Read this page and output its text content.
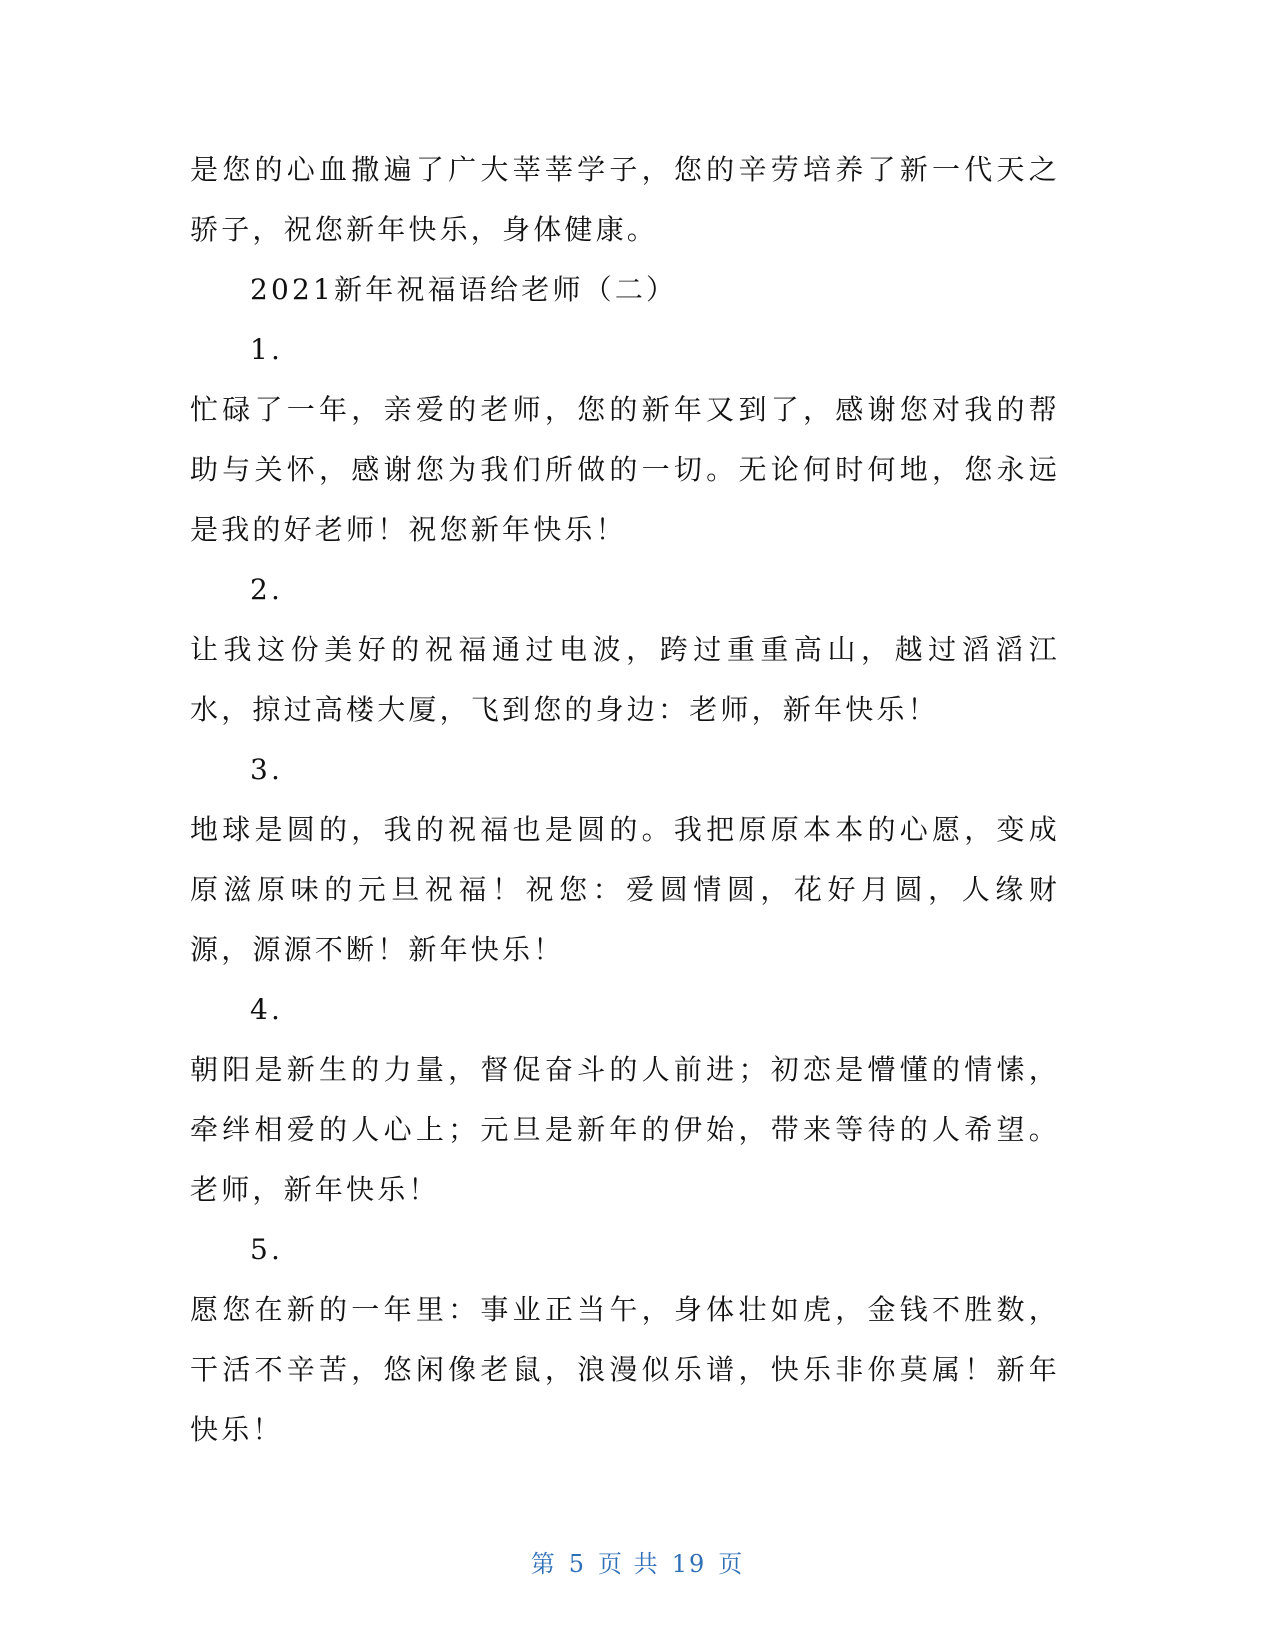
是您的心血撒遍了广大莘莘学子，您的辛劳培养了新一代天之骄子，祝您新年快乐，身体健康。

2021新年祝福语给老师（二）

1.

忙碌了一年，亲爱的老师，您的新年又到了，感谢您对我的帮助与关怀，感谢您为我们所做的一切。无论何时何地，您永远是我的好老师！祝您新年快乐！

2.

让我这份美好的祝福通过电波，跨过重重高山，越过滔滔江水，掠过高楼大厦，飞到您的身边：老师，新年快乐！

3.

地球是圆的，我的祝福也是圆的。我把原原本本的心愿，变成原滋原味的元旦祝福！祝您：爱圆情圆，花好月圆，人缘财源，源源不断！新年快乐！

4.

朝阳是新生的力量，督促奋斗的人前进；初恋是懵懂的情愫，牵绊相爱的人心上；元旦是新年的伊始，带来等待的人希望。老师，新年快乐！

5.

愿您在新的一年里：事业正当午，身体壮如虎，金钱不胜数，干活不辛苦，悠闲像老鼠，浪漫似乐谱，快乐非你莫属！新年快乐！

第 5 页 共 19 页
